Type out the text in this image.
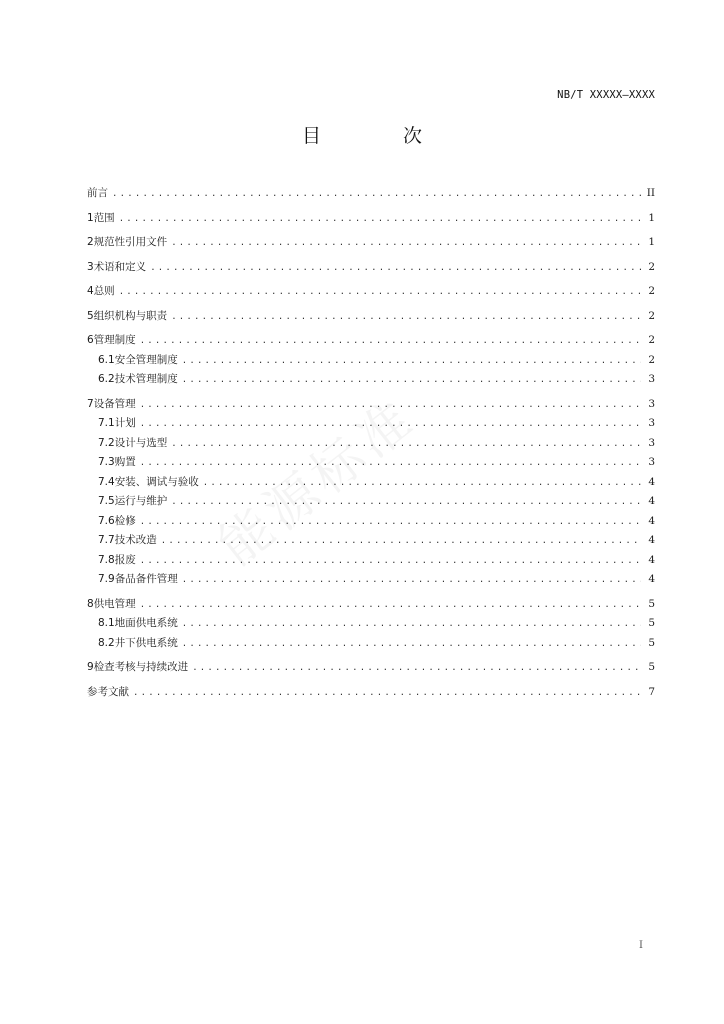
NB/T XXXXX—XXXX
目 次
前言 .....	II
1 范围 .....	1
2 规范性引用文件 .....	1
3 术语和定义 .....	2
4 总则 .....	2
5 组织机构与职责 .....	2
6 管理制度 .....	2
6.1 安全管理制度 .....	2
6.2 技术管理制度 .....	3
7 设备管理 .....	3
7.1 计划 .....	3
7.2 设计与选型 .....	3
7.3 购置 .....	3
7.4 安装、调试与验收 .....	4
7.5 运行与维护 .....	4
7.6 检修 .....	4
7.7 技术改造 .....	4
7.8 报废 .....	4
7.9 备品备件管理 .....	4
8 供电管理 .....	5
8.1 地面供电系统 .....	5
8.2 井下供电系统 .....	5
9 检查考核与持续改进 .....	5
参考文献 .....	7
I
